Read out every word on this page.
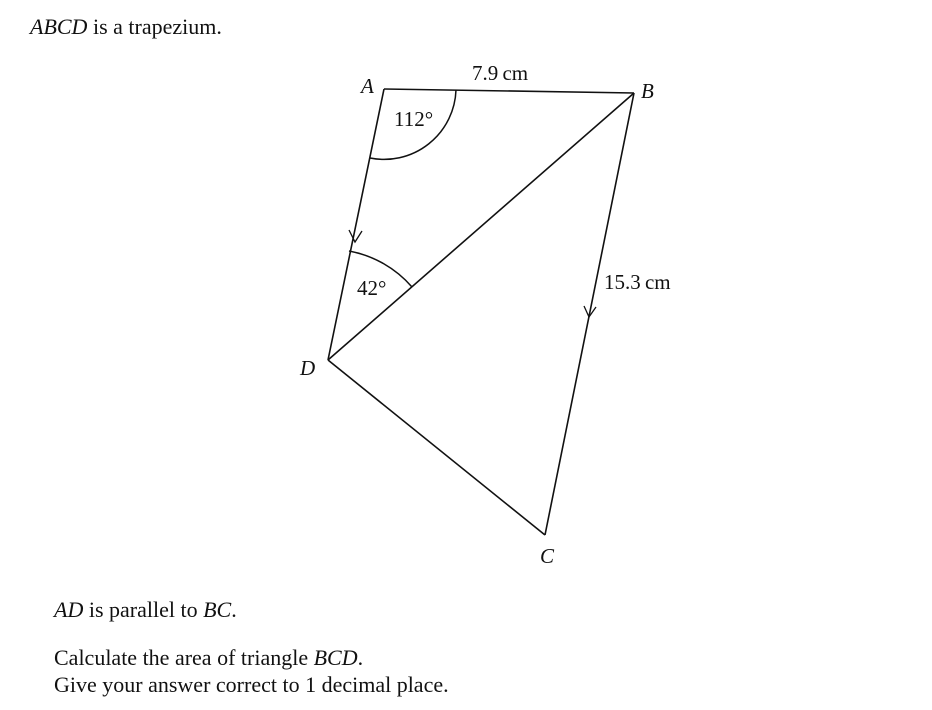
ABCD is a trapezium.
A	B
C
D
7.9 cm
15.3 cm
112°
42°
AD is parallel to BC.
Calculate the area of triangle BCD.
Give your answer correct to 1 decimal place.
